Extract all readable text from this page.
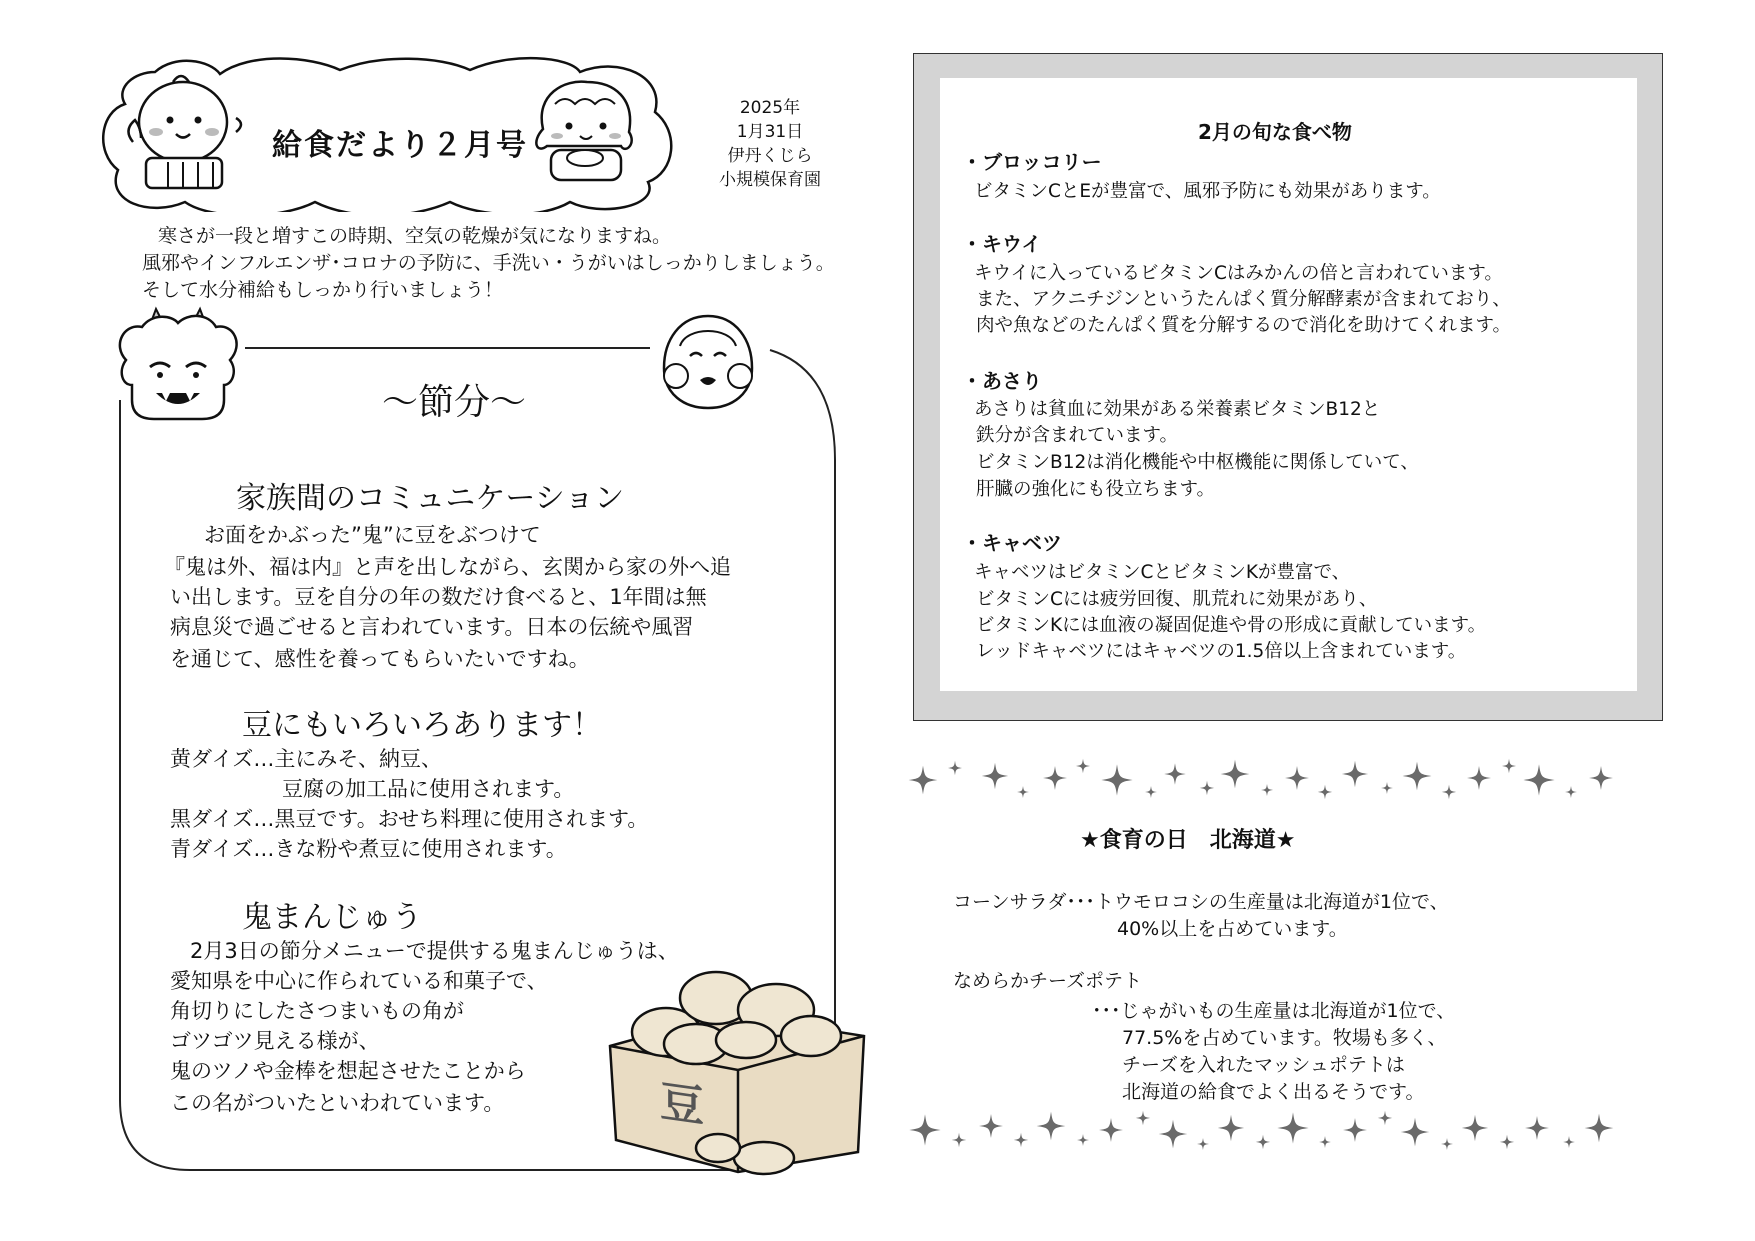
給食だより２月号
2025年
1月31日
伊丹くじら
小規模保育園
寒さが一段と増すこの時期、空気の乾燥が気になりますね。
風邪やインフルエンザ･コロナの予防に、手洗い・うがいはしっかりしましょう。
そして水分補給もしっかり行いましょう！
～節分～
家族間のコミュニケーション
お面をかぶった”鬼”に豆をぶつけて
『鬼は外、福は内』と声を出しながら、玄関から家の外へ追
い出します。豆を自分の年の数だけ食べると、1年間は無
病息災で過ごせると言われています。日本の伝統や風習
を通じて、感性を養ってもらいたいですね。
豆にもいろいろあります！
黄ダイズ…主にみそ、納豆、
豆腐の加工品に使用されます。
黒ダイズ…黒豆です。おせち料理に使用されます。
青ダイズ…きな粉や煮豆に使用されます。
鬼まんじゅう
2月3日の節分メニューで提供する鬼まんじゅうは、
愛知県を中心に作られている和菓子で、
角切りにしたさつまいもの角が
ゴツゴツ見える様が、
鬼のツノや金棒を想起させたことから
この名がついたといわれています。	豆
2月の旬な食べ物
・ブロッコリー
ビタミンCとEが豊富で、風邪予防にも効果があります。
・キウイ
キウイに入っているビタミンCはみかんの倍と言われています。
また、アクニチジンというたんぱく質分解酵素が含まれており、
肉や魚などのたんぱく質を分解するので消化を助けてくれます。
・あさり
あさりは貧血に効果がある栄養素ビタミンB12と
鉄分が含まれています。
ビタミンB12は消化機能や中枢機能に関係していて、
肝臓の強化にも役立ちます。
・キャベツ
キャベツはビタミンCとビタミンKが豊富で、
ビタミンCには疲労回復、肌荒れに効果があり、
ビタミンKには血液の凝固促進や骨の形成に貢献しています。
レッドキャベツにはキャベツの1.5倍以上含まれています。
★食育の日　北海道★
コーンサラダ･･･トウモロコシの生産量は北海道が1位で、
40%以上を占めています。
なめらかチーズポテト
･･･じゃがいもの生産量は北海道が1位で、
77.5%を占めています。牧場も多く、
チーズを入れたマッシュポテトは
北海道の給食でよく出るそうです。
